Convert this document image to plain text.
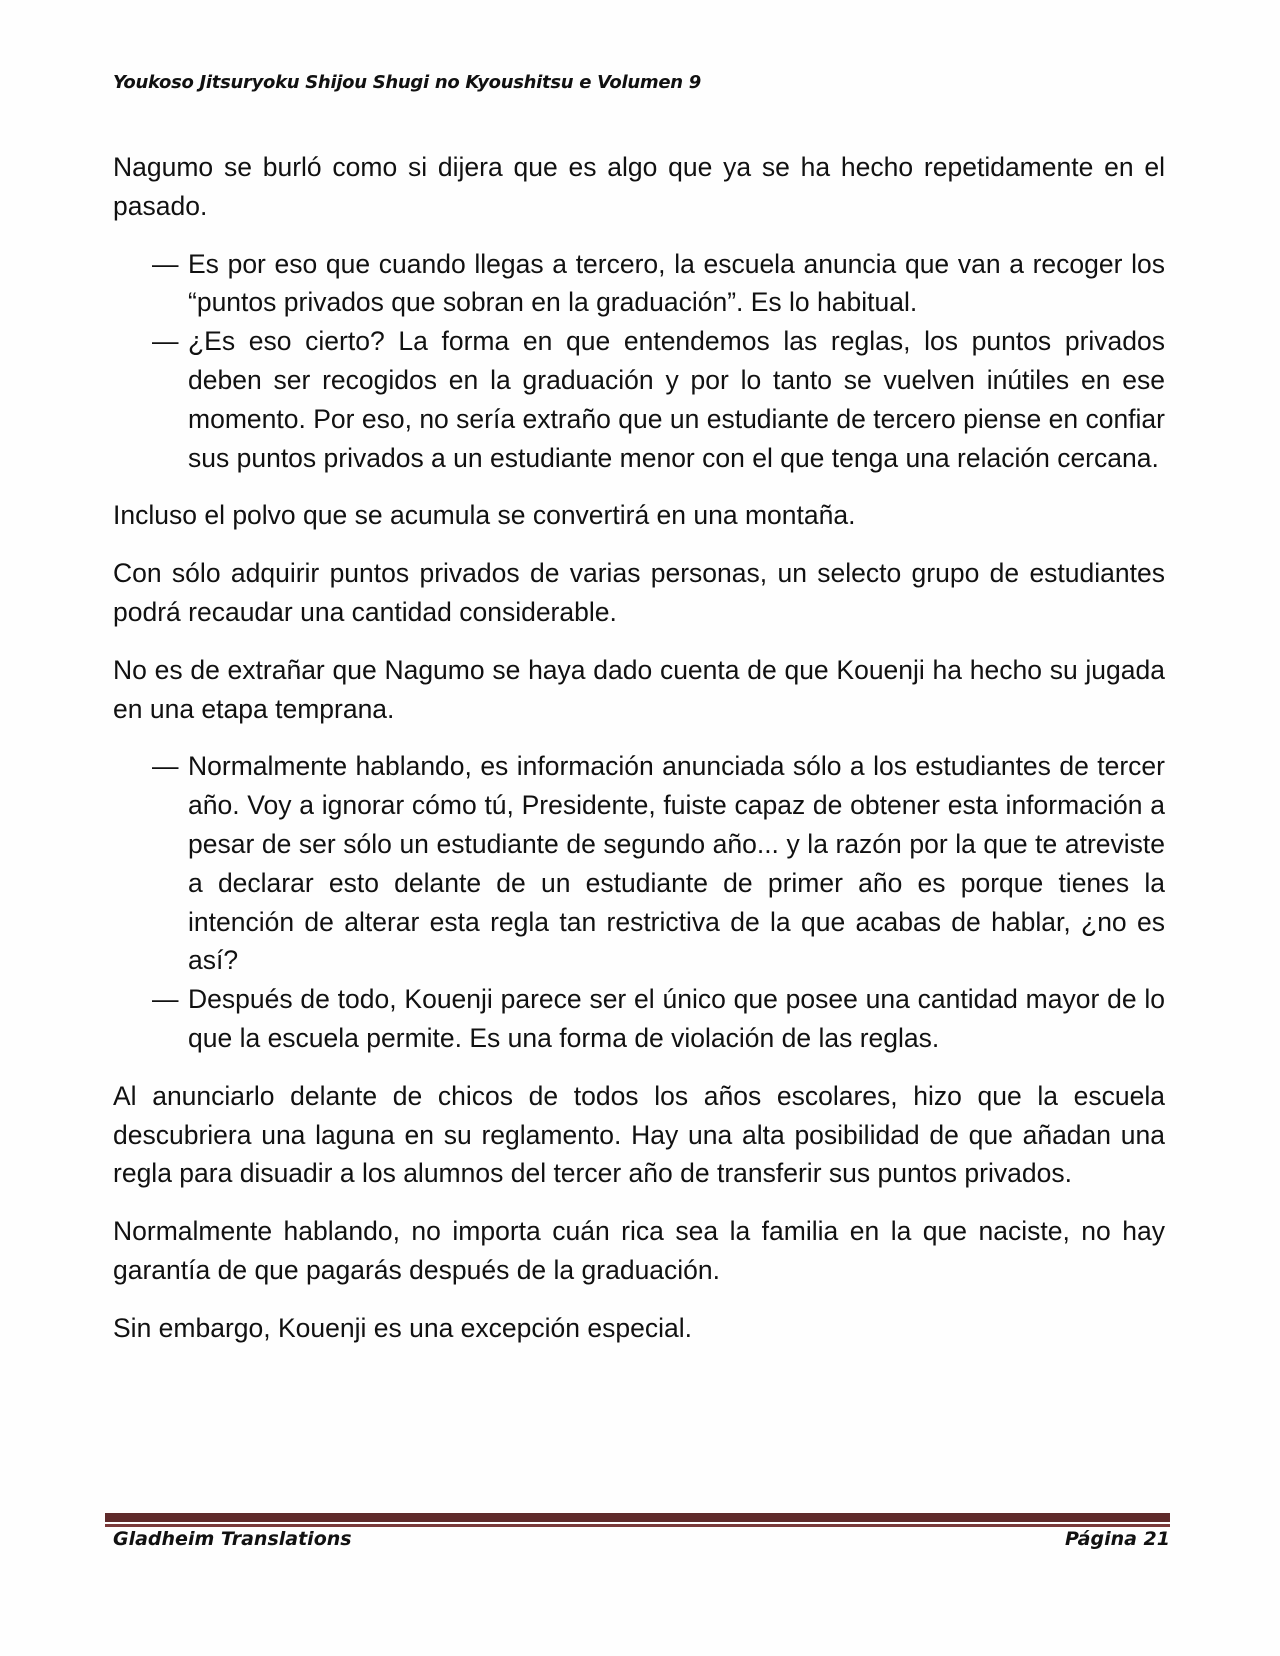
Youkoso Jitsuryoku Shijou Shugi no Kyoushitsu e Volumen 9

Nagumo se burló como si dijera que es algo que ya se ha hecho repetidamente en el pasado.

— Es por eso que cuando llegas a tercero, la escuela anuncia que van a recoger los “puntos privados que sobran en la graduación”. Es lo habitual.

— ¿Es eso cierto? La forma en que entendemos las reglas, los puntos privados deben ser recogidos en la graduación y por lo tanto se vuelven inútiles en ese momento. Por eso, no sería extraño que un estudiante de tercero piense en confiar sus puntos privados a un estudiante menor con el que tenga una relación cercana.

Incluso el polvo que se acumula se convertirá en una montaña.

Con sólo adquirir puntos privados de varias personas, un selecto grupo de estudiantes podrá recaudar una cantidad considerable.

No es de extrañar que Nagumo se haya dado cuenta de que Kouenji ha hecho su jugada en una etapa temprana.

— Normalmente hablando, es información anunciada sólo a los estudiantes de tercer año. Voy a ignorar cómo tú, Presidente, fuiste capaz de obtener esta información a pesar de ser sólo un estudiante de segundo año... y la razón por la que te atreviste a declarar esto delante de un estudiante de primer año es porque tienes la intención de alterar esta regla tan restrictiva de la que acabas de hablar, ¿no es así?

— Después de todo, Kouenji parece ser el único que posee una cantidad mayor de lo que la escuela permite. Es una forma de violación de las reglas.

Al anunciarlo delante de chicos de todos los años escolares, hizo que la escuela descubriera una laguna en su reglamento. Hay una alta posibilidad de que añadan una regla para disuadir a los alumnos del tercer año de transferir sus puntos privados.

Normalmente hablando, no importa cuán rica sea la familia en la que naciste, no hay garantía de que pagarás después de la graduación.

Sin embargo, Kouenji es una excepción especial.

Gladheim Translations	Página 21
